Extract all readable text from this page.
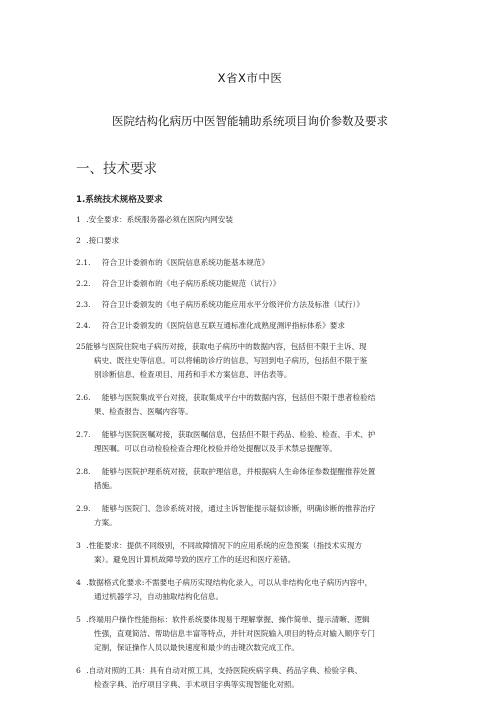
X省X市中医
医院结构化病历中医智能辅助系统项目询价参数及要求
一、技术要求
1.系统技术规格及要求
1 .安全要求：系统服务器必须在医院内网安装
2 .接口要求
2.1. 符合卫计委颁布的《医院信息系统功能基本规范》
2.2. 符合卫计委颁布的《电子病历系统功能规范（试行）》
2.3. 符合卫计委颁发的《电子病历系统功能应用水平分级评价方法及标准（试行）》
2.4. 符合卫计委颁发的《医院信息互联互通标准化成熟度测评指标体系》要求
25能够与医院住院电子病历对接，获取电子病历中的数据内容，包括但不限于主诉、现
病史、既往史等信息。可以将辅助诊疗的信息，写回到电子病历，包括但不限于鉴
别诊断信息、检查项目、用药和手术方案信息、评估表等。
2.6. 能够与医院集成平台对接，获取集成平台中的数据内容，包括但不限于患者检验结
果、检查报告、医嘱内容等。
2.7. 能够与医院医嘱对接，获取医嘱信息，包括但不限于药品、检验、检查、手术、护
理医嘱。可以自动检验检查合理化校验并给处提醒以及手术禁忌提醒等。
2.8. 能够与医院护理系统对接，获取护理信息，并根据病人生命体征参数提醒推荐处置
措施。
2.9. 能够与医院门、急诊系统对接，通过主诉智能提示疑似诊断，明确诊断的推荐治疗
方案。
3 .性能要求：提供不同级别，不同故障情况下的应用系统的应急预案（指技术实现方
案）。避免因计算机故障导致的医疗工作的延迟和医疗差错。
4 .数据格式化要求:不需要电子病历实现结构化录入，可以从非结构化电子病历内容中，
通过机器学习，自动抽取结构化信息。
5 .终端用户操作性能指标：软件系统要体现易于理解掌握、操作简单、提示清晰、逻辑
性强，直观简洁、帮助信息丰富等特点，并针对医院输入项目的特点对输入顺序专门
定制，保证操作人员以最快速度和最少的击键次数完成工作。
6 .自动对照的工具：具有自动对照工具，支持医院疾病字典、药品字典、检验字典、
检查字典、治疗项目字典、手术项目字典等实现智能化对照。
